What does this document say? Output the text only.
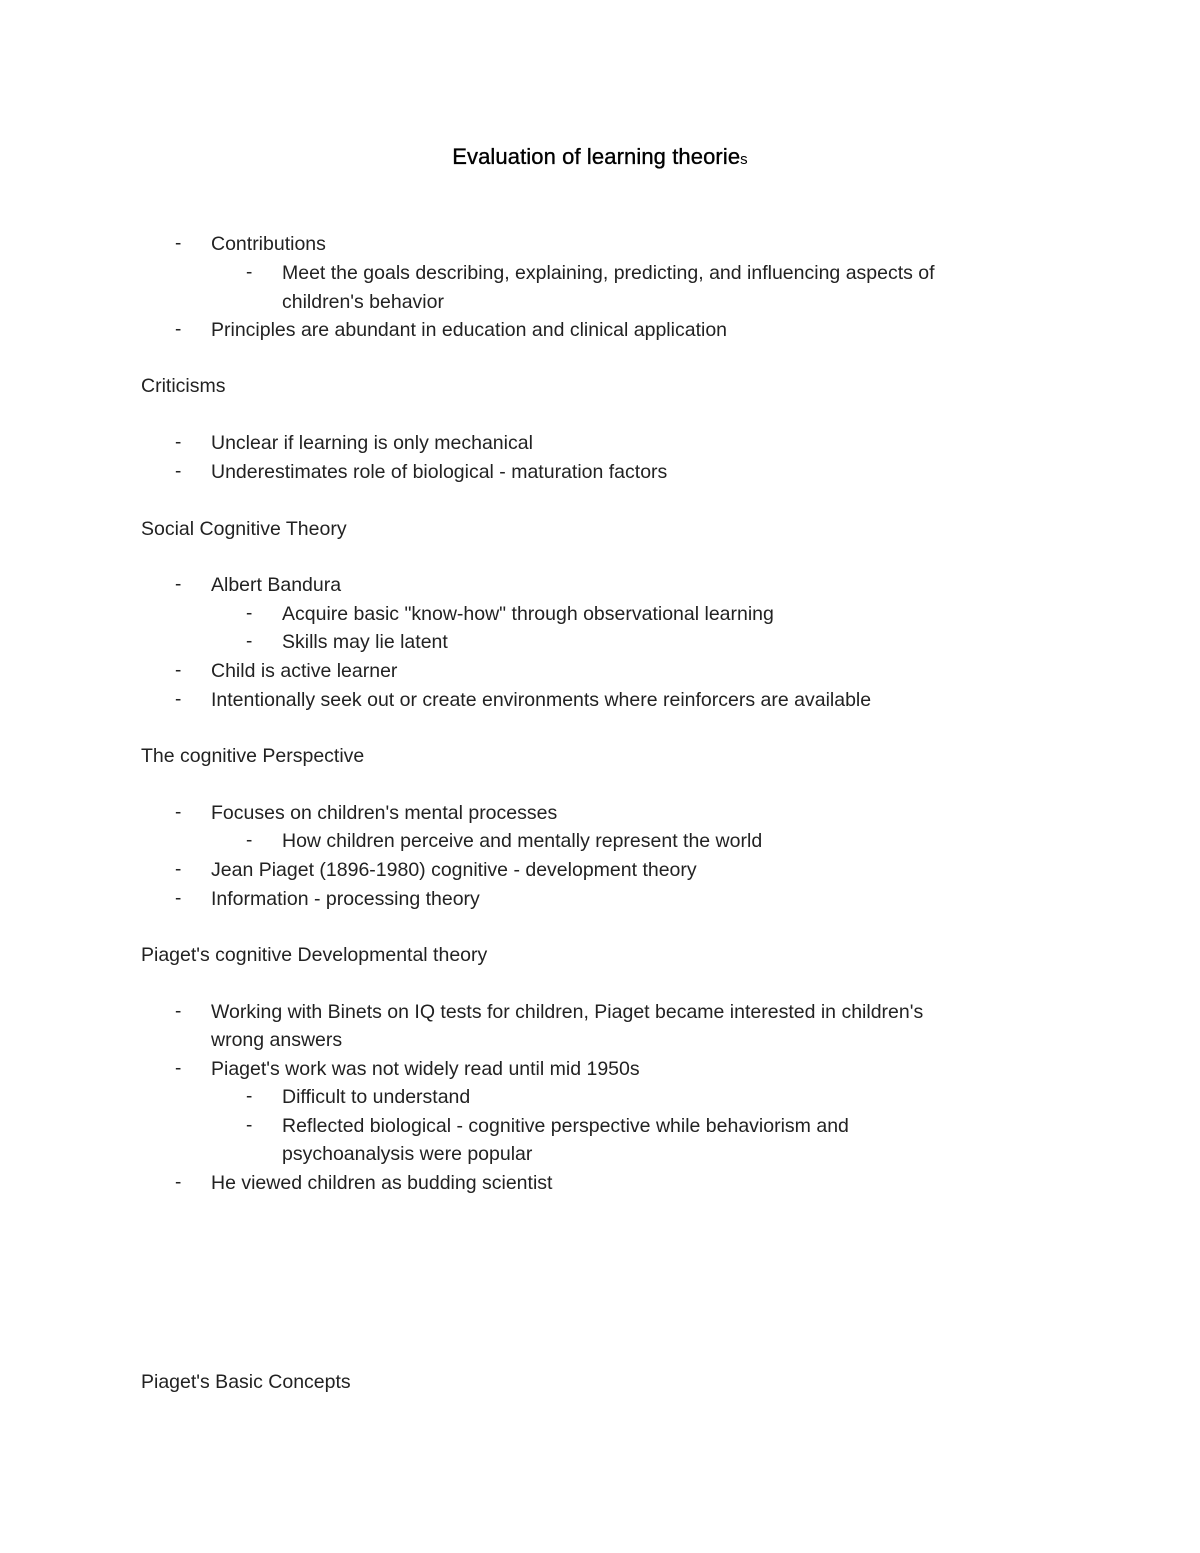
Evaluation of learning theories
- Contributions
- Meet the goals describing, explaining, predicting, and influencing aspects of
children's behavior
- Principles are abundant in education and clinical application
Criticisms
- Unclear if learning is only mechanical
- Underestimates role of biological - maturation factors
Social Cognitive Theory
- Albert Bandura
- Acquire basic "know-how" through observational learning
- Skills may lie latent
- Child is active learner
- Intentionally seek out or create environments where reinforcers are available
The cognitive Perspective
- Focuses on children's mental processes
- How children perceive and mentally represent the world
- Jean Piaget (1896-1980) cognitive - development theory
- Information - processing theory
Piaget's cognitive Developmental theory
- Working with Binets on IQ tests for children, Piaget became interested in children's
wrong answers
- Piaget's work was not widely read until mid 1950s
- Difficult to understand
- Reflected biological - cognitive perspective while behaviorism and
psychoanalysis were popular
- He viewed children as budding scientist
Piaget's Basic Concepts
